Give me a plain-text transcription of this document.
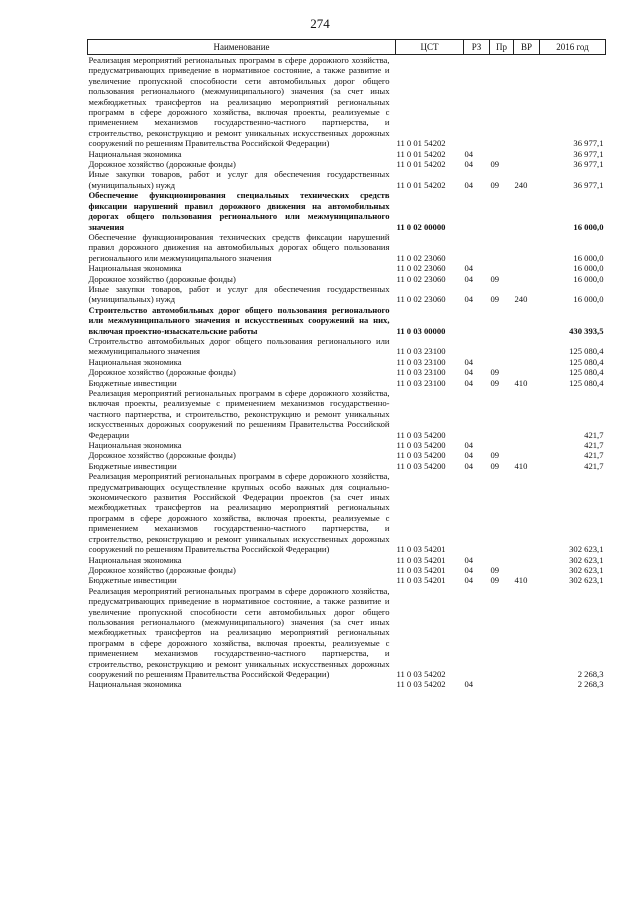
274
Наименование	ЦСТ	РЗ	Пр	ВР	2016 год
Реализация мероприятий региональных программ в сфере дорожного хозяйства, предусматривающих приведение в нормативное состояние, а также развитие и увеличение пропускной способности сети автомобильных дорог общего пользования регионального (межмуниципального) значения (за счет иных межбюджетных трансфертов на реализацию мероприятий региональных программ в сфере дорожного хозяйства, включая проекты, реализуемые с применением механизмов государственно-частного партнерства, и строительство, реконструкцию и ремонт уникальных искусственных дорожных сооружений по решениям Правительства Российской Федерации)	11 0 01 54202				36 977,1
Национальная экономика	11 0 01 54202	04			36 977,1
Дорожное хозяйство (дорожные фонды)	11 0 01 54202	04	09		36 977,1
Иные закупки товаров, работ и услуг для обеспечения государственных (муниципальных) нужд	11 0 01 54202	04	09	240	36 977,1
Обеспечение функционирования специальных технических средств фиксации нарушений правил дорожного движения на автомобильных дорогах общего пользования регионального или межмуниципального значения	11 0 02 00000				16 000,0
Обеспечение функционирования технических средств фиксации нарушений правил дорожного движения на автомобильных дорогах общего пользования регионального или межмуниципального значения	11 0 02 23060				16 000,0
Национальная экономика	11 0 02 23060	04			16 000,0
Дорожное хозяйство (дорожные фонды)	11 0 02 23060	04	09		16 000,0
Иные закупки товаров, работ и услуг для обеспечения государственных (муниципальных) нужд	11 0 02 23060	04	09	240	16 000,0
Строительство автомобильных дорог общего пользования регионального или межмуниципального значения и искусственных сооружений на них, включая проектно-изыскательские работы	11 0 03 00000				430 393,5
Строительство автомобильных дорог общего пользования регионального или межмуниципального значения	11 0 03 23100				125 080,4
Национальная экономика	11 0 03 23100	04			125 080,4
Дорожное хозяйство (дорожные фонды)	11 0 03 23100	04	09		125 080,4
Бюджетные инвестиции	11 0 03 23100	04	09	410	125 080,4
Реализация мероприятий региональных программ в сфере дорожного хозяйства, включая проекты, реализуемые с применением механизмов государственно-частного партнерства, и строительство, реконструкцию и ремонт уникальных искусственных дорожных сооружений по решениям Правительства Российской Федерации	11 0 03 54200				421,7
Национальная экономика	11 0 03 54200	04			421,7
Дорожное хозяйство (дорожные фонды)	11 0 03 54200	04	09		421,7
Бюджетные инвестиции	11 0 03 54200	04	09	410	421,7
Реализация мероприятий региональных программ в сфере дорожного хозяйства, предусматривающих осуществление крупных особо важных для социально-экономического развития Российской Федерации проектов (за счет иных межбюджетных трансфертов на реализацию мероприятий региональных программ в сфере дорожного хозяйства, включая проекты, реализуемые с применением механизмов государственно-частного партнерства, и строительство, реконструкцию и ремонт уникальных искусственных дорожных сооружений по решениям Правительства Российской Федерации)	11 0 03 54201				302 623,1
Национальная экономика	11 0 03 54201	04			302 623,1
Дорожное хозяйство (дорожные фонды)	11 0 03 54201	04	09		302 623,1
Бюджетные инвестиции	11 0 03 54201	04	09	410	302 623,1
Реализация мероприятий региональных программ в сфере дорожного хозяйства, предусматривающих приведение в нормативное состояние, а также развитие и увеличение пропускной способности сети автомобильных дорог общего пользования регионального (межмуниципального) значения (за счет иных межбюджетных трансфертов на реализацию мероприятий региональных программ в сфере дорожного хозяйства, включая проекты, реализуемые с применением механизмов государственно-частного партнерства, и строительство, реконструкцию и ремонт уникальных искусственных дорожных сооружений по решениям Правительства Российской Федерации)	11 0 03 54202				2 268,3
Национальная экономика	11 0 03 54202	04			2 268,3
